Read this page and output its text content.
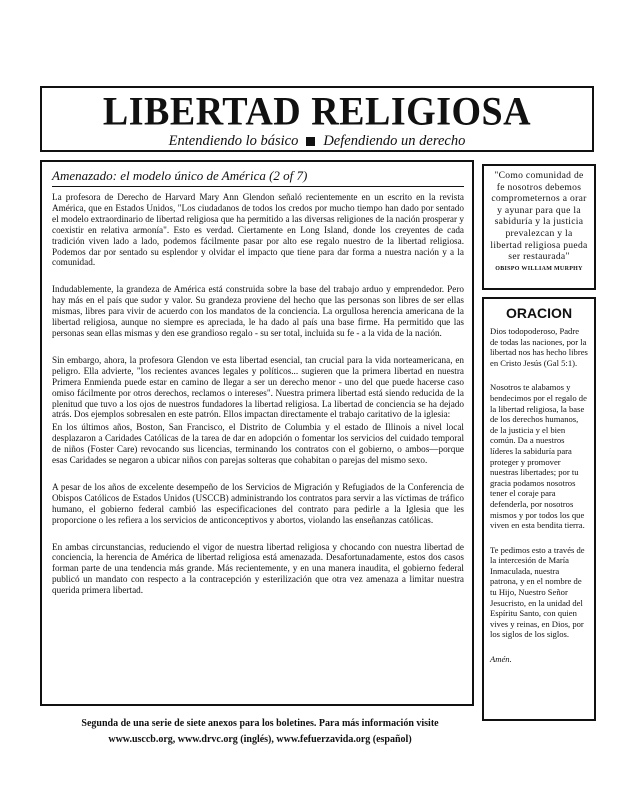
LIBERTAD RELIGIOSA
Entendiendo lo básico Defendiendo un derecho
Amenazado: el modelo único de América (2 of 7)

La profesora de Derecho de Harvard Mary Ann Glendon señaló recientemente en un escrito en la revista América, que en Estados Unidos, "Los ciudadanos de todos los credos por mucho tiempo han dado por sentado el modelo extraordinario de libertad religiosa que ha permitido a las diversas religiones de la nación prosperar y coexistir en relativa armonía". Esto es verdad. Ciertamente en Long Island, donde los creyentes de cada tradición viven lado a lado, podemos fácilmente pasar por alto ese regalo nuestro de la libertad religiosa. Podemos dar por sentado su esplendor y olvidar el impacto que tiene para dar forma a nuestra nación y a la comunidad.

Indudablemente, la grandeza de América está construida sobre la base del trabajo arduo y emprendedor. Pero hay más en el país que sudor y valor. Su grandeza proviene del hecho que las personas son libres de ser ellas mismas, libres para vivir de acuerdo con los mandatos de la conciencia. La orgullosa herencia americana de la libertad religiosa, aunque no siempre es apreciada, le ha dado al país una base firme. Ha permitido que las personas sean ellas mismas y den ese grandioso regalo - su ser total, incluida su fe - a la vida de la nación.

Sin embargo, ahora, la profesora Glendon ve esta libertad esencial, tan crucial para la vida norteamericana, en peligro. Ella advierte, "los recientes avances legales y políticos... sugieren que la primera libertad en nuestra Primera Enmienda puede estar en camino de llegar a ser un derecho menor - uno del que puede hacerse caso omiso fácilmente por otros derechos, reclamos o intereses". Nuestra primera libertad está siendo reducida de la plenitud que tuvo a los ojos de nuestros fundadores la libertad religiosa. La libertad de conciencia se ha dejado atrás. Dos ejemplos sobresalen en este patrón. Ellos impactan directamente el trabajo caritativo de la iglesia:

En los últimos años, Boston, San Francisco, el Distrito de Columbia y el estado de Illinois a nivel local desplazaron a Caridades Católicas de la tarea de dar en adopción o fomentar los servicios del cuidado temporal de niños (Foster Care) revocando sus licencias, terminando los contratos con el gobierno, o ambos—porque esas Caridades se negaron a ubicar niños con parejas solteras que cohabitan o parejas del mismo sexo.

A pesar de los años de excelente desempeño de los Servicios de Migración y Refugiados de la Conferencia de Obispos Católicos de Estados Unidos (USCCB) administrando los contratos para servir a las víctimas de tráfico humano, el gobierno federal cambió las especificaciones del contrato para pedirle a la Iglesia que les proporcione o les refiera a los servicios de anticonceptivos y abortos, violando las enseñanzas católicas.

En ambas circunstancias, reduciendo el vigor de nuestra libertad religiosa y chocando con nuestra libertad de conciencia, la herencia de América de libertad religiosa está amenazada. Desafortunadamente, estos dos casos forman parte de una tendencia más grande. Más recientemente, y en una manera inaudita, el gobierno federal publicó un mandato con respecto a la contracepción y esterilización que otra vez amenaza a limitar nuestra querida primera libertad.

"Como comunidad de fe nosotros debemos comprometernos a orar y ayunar para que la sabiduría y la justicia prevalezcan y la libertad religiosa pueda ser restaurada"
OBISPO WILLIAM MURPHY
ORACION

Dios todopoderoso, Padre de todas las naciones, por la libertad nos has hecho libres en Cristo Jesús (Gal 5:1).

Nosotros te alabamos y bendecimos por el regalo de la libertad religiosa, la base de los derechos humanos, de la justicia y el bien común. Da a nuestros líderes la sabiduría para proteger y promover nuestras libertades; por tu gracia podamos nosotros tener el coraje para defenderla, por nosotros mismos y por todos los que viven en esta bendita tierra.

Te pedimos esto a través de la intercesión de María Inmaculada, nuestra patrona, y en el nombre de tu Hijo, Nuestro Señor Jesucristo, en la unidad del Espíritu Santo, con quien vives y reinas, en Dios, por los siglos de los siglos.

Amén.
Segunda de una serie de siete anexos para los boletines. Para más información visite
www.usccb.org, www.drvc.org (inglés), www.fefuerzavida.org (español)
